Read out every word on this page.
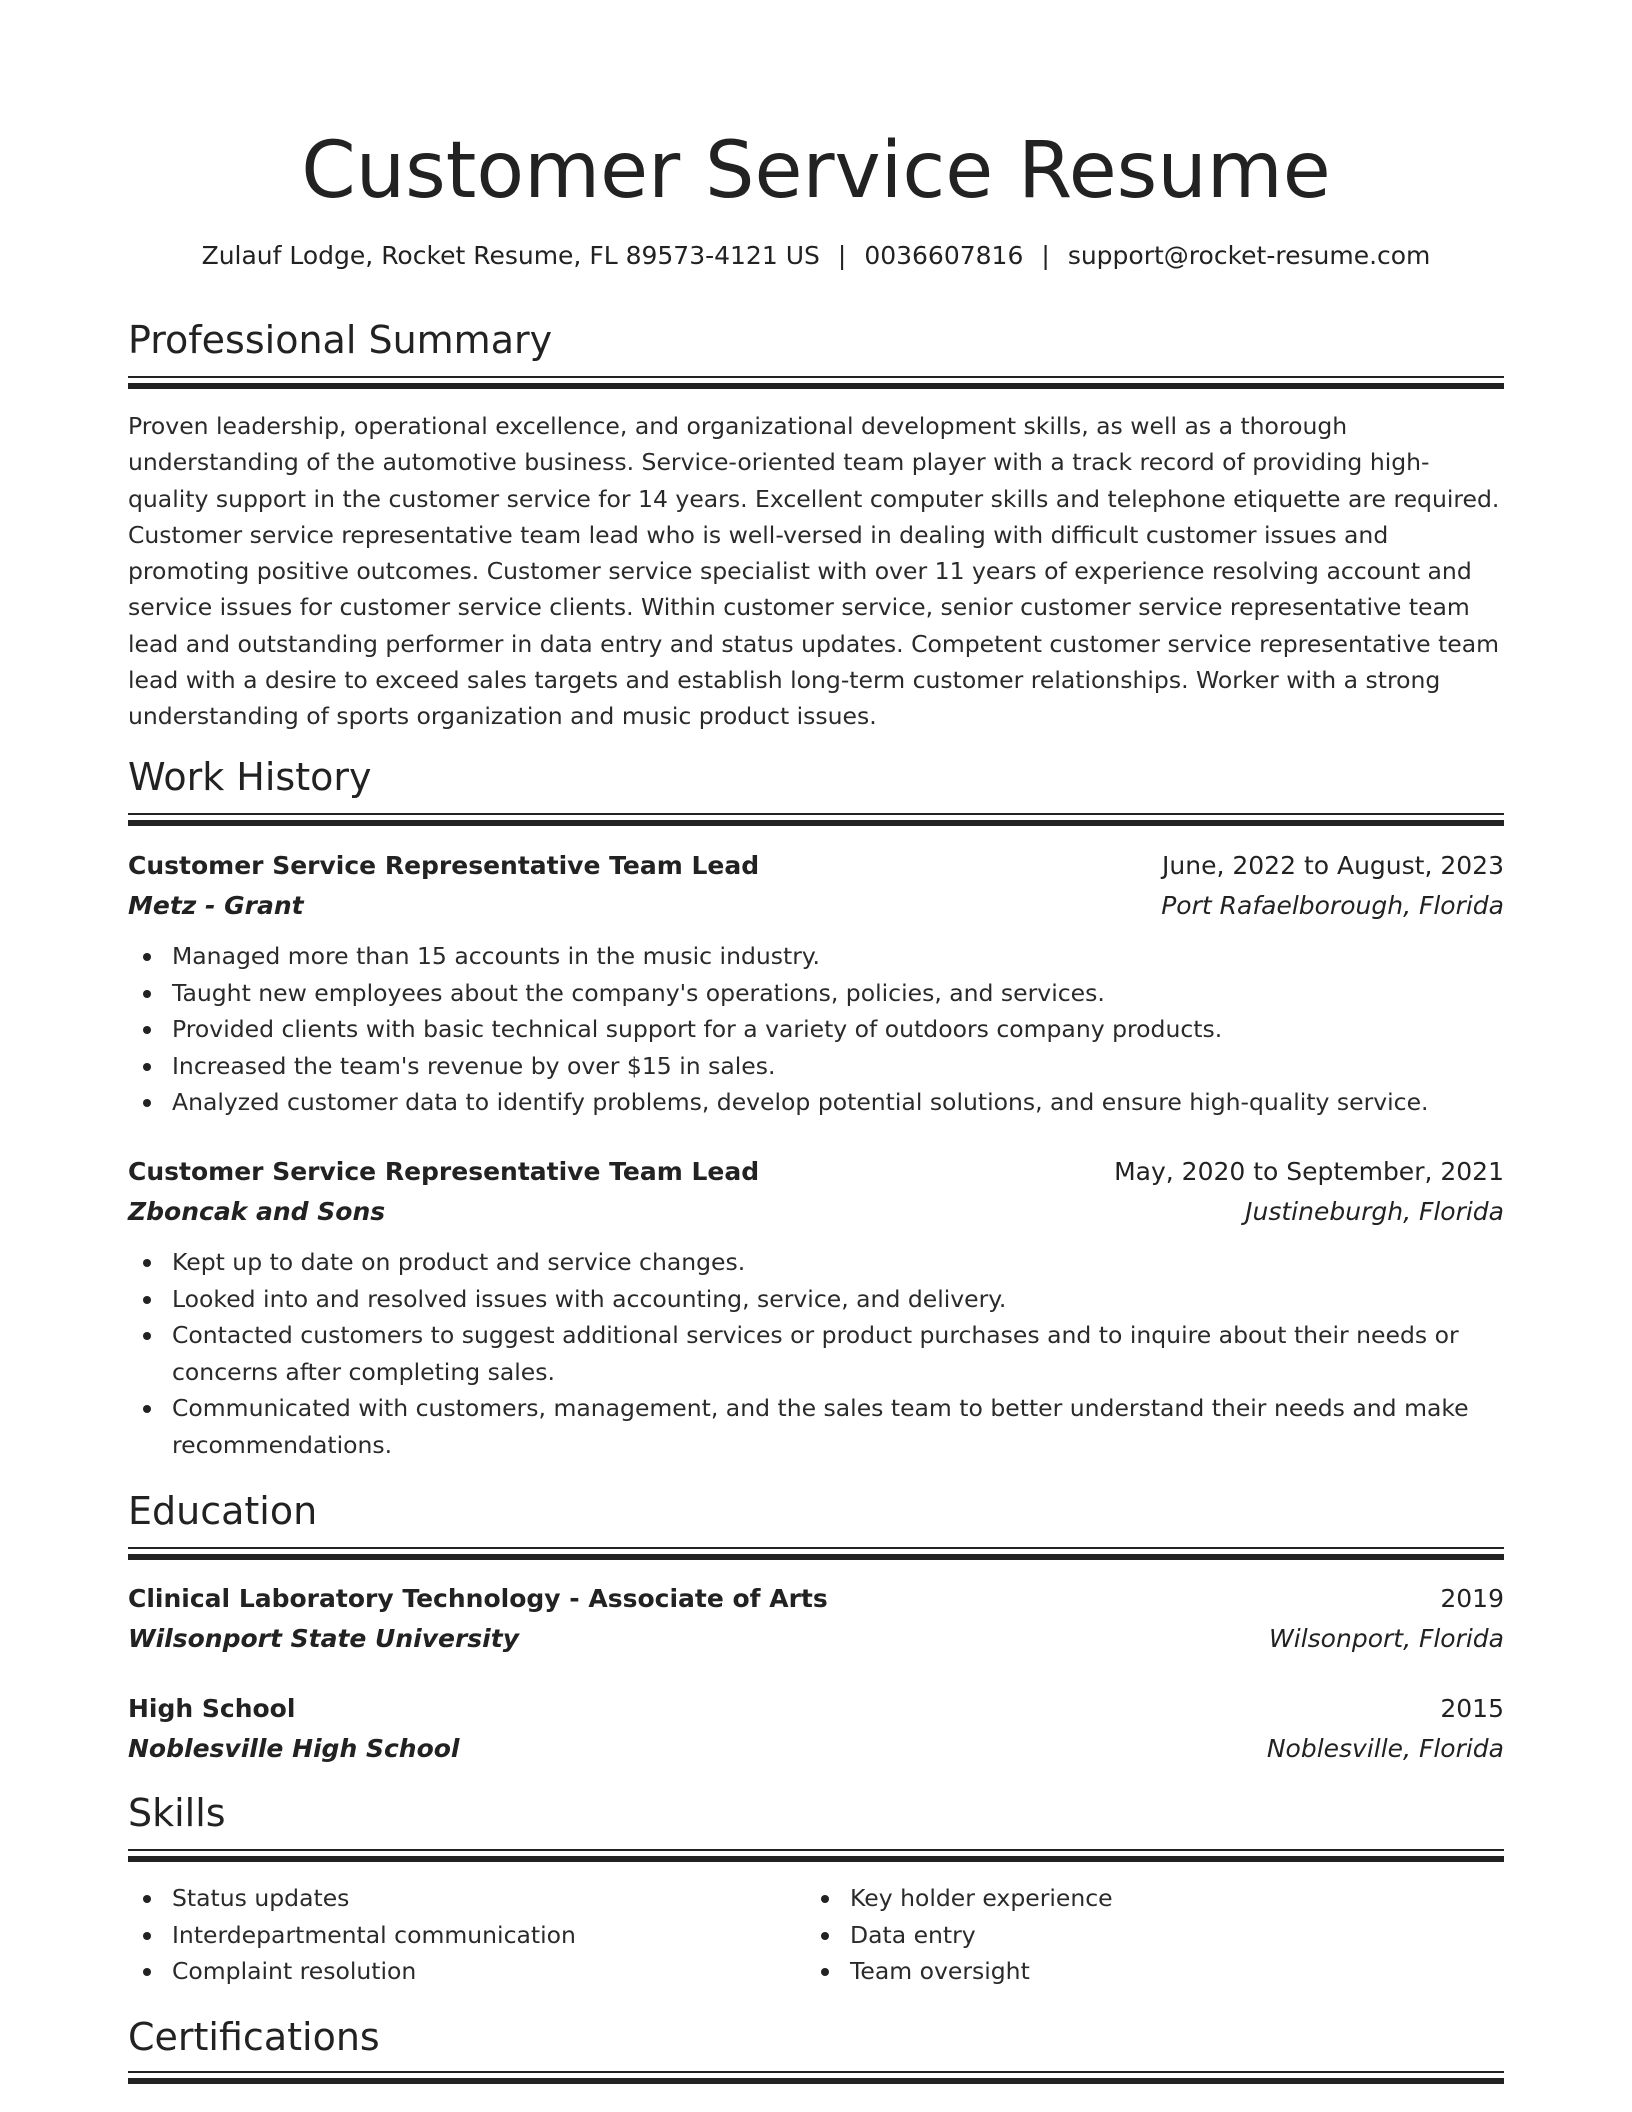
Customer Service Resume
Zulauf Lodge, Rocket Resume, FL 89573-4121 US | 0036607816 | support@rocket-resume.com
Professional Summary

Proven leadership, operational excellence, and organizational development skills, as well as a thorough understanding of the automotive business. Service-oriented team player with a track record of providing high-quality support in the customer service for 14 years. Excellent computer skills and telephone etiquette are required. Customer service representative team lead who is well-versed in dealing with difficult customer issues and promoting positive outcomes. Customer service specialist with over 11 years of experience resolving account and service issues for customer service clients. Within customer service, senior customer service representative team lead and outstanding performer in data entry and status updates. Competent customer service representative team lead with a desire to exceed sales targets and establish long-term customer relationships. Worker with a strong understanding of sports organization and music product issues.

Work History
Customer Service Representative Team Lead	June, 2022 to August, 2023
Metz - Grant	Port Rafaelborough, Florida
Managed more than 15 accounts in the music industry.
Taught new employees about the company's operations, policies, and services.
Provided clients with basic technical support for a variety of outdoors company products.
Increased the team's revenue by over $15 in sales.
Analyzed customer data to identify problems, develop potential solutions, and ensure high-quality service.
Customer Service Representative Team Lead	May, 2020 to September, 2021
Zboncak and Sons	Justineburgh, Florida
Kept up to date on product and service changes.
Looked into and resolved issues with accounting, service, and delivery.
Contacted customers to suggest additional services or product purchases and to inquire about their needs or concerns after completing sales.
Communicated with customers, management, and the sales team to better understand their needs and make recommendations.
Education
Clinical Laboratory Technology - Associate of Arts	2019
Wilsonport State University	Wilsonport, Florida
High School	2015
Noblesville High School	Noblesville, Florida
Skills
Status updates
Interdepartmental communication
Complaint resolution
Key holder experience
Data entry
Team oversight
Certifications
